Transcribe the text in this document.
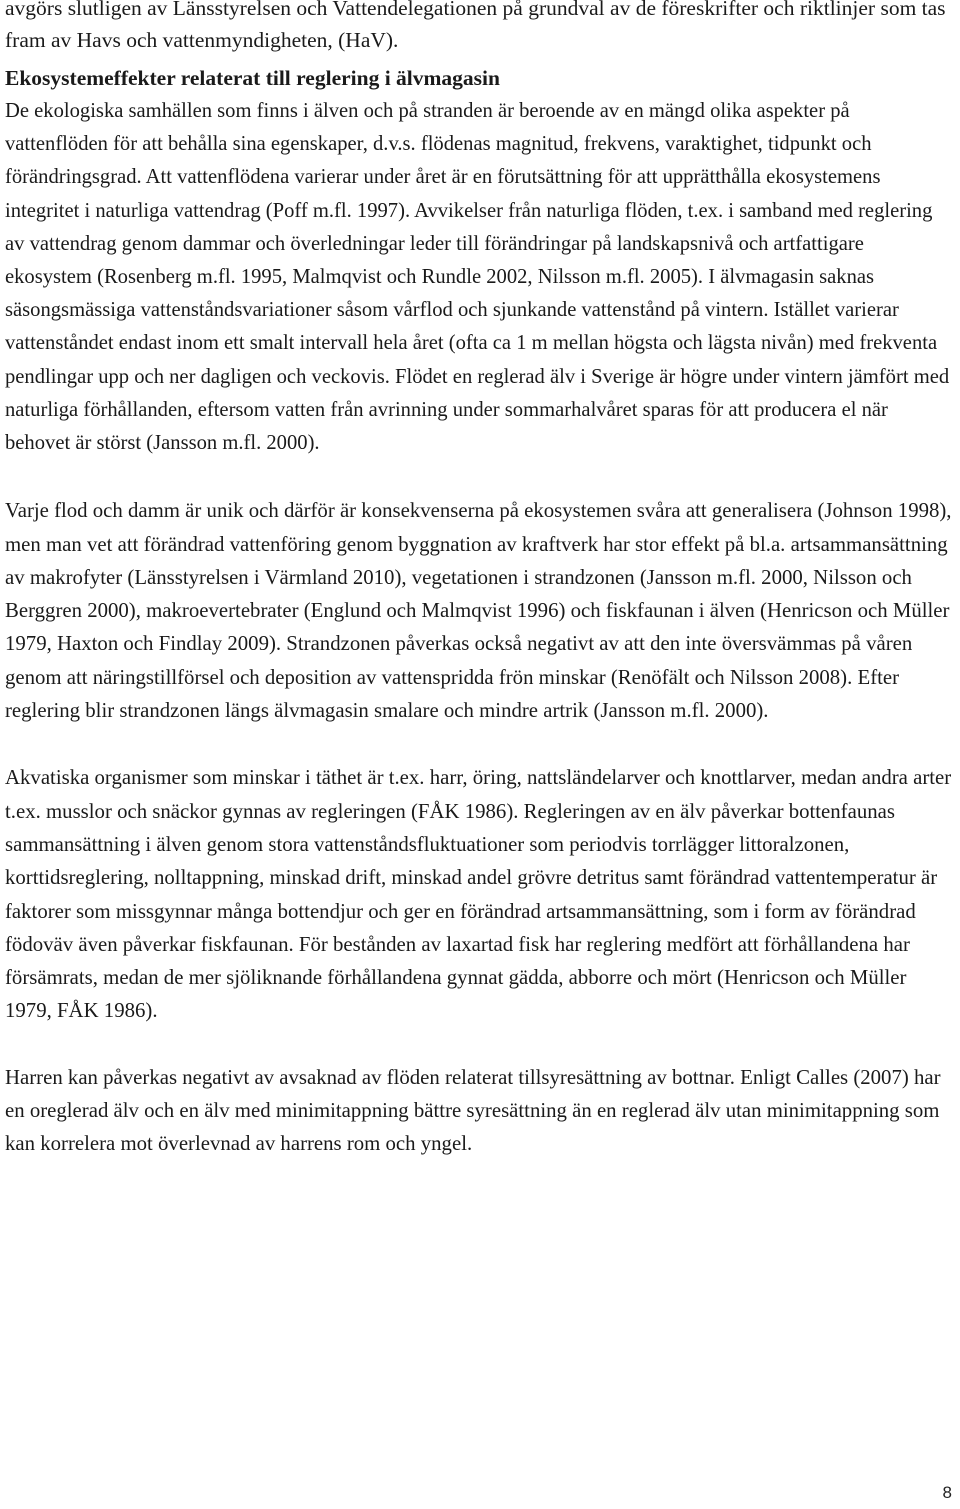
avgörs slutligen av Länsstyrelsen och Vattendelegationen på grundval av de föreskrifter och riktlinjer som tas fram av Havs och vattenmyndigheten, (HaV).

Ekosystemeffekter relaterat till reglering i älvmagasin

De ekologiska samhällen som finns i älven och på stranden är beroende av en mängd olika aspekter på vattenflöden för att behålla sina egenskaper, d.v.s. flödenas magnitud, frekvens, varaktighet, tidpunkt och förändringsgrad. Att vattenflödena varierar under året är en förutsättning för att upprätthålla ekosystemens integritet i naturliga vattendrag (Poff m.fl. 1997). Avvikelser från naturliga flöden, t.ex. i samband med reglering av vattendrag genom dammar och överledningar leder till förändringar på landskapsnivå och artfattigare ekosystem (Rosenberg m.fl. 1995, Malmqvist och Rundle 2002, Nilsson m.fl. 2005). I älvmagasin saknas säsongsmässiga vattenståndsvariationer såsom vårflod och sjunkande vattenstånd på vintern. Istället varierar vattenståndet endast inom ett smalt intervall hela året (ofta ca 1 m mellan högsta och lägsta nivån) med frekventa pendlingar upp och ner dagligen och veckovis. Flödet en reglerad älv i Sverige är högre under vintern jämfört med naturliga förhållanden, eftersom vatten från avrinning under sommarhalvåret sparas för att producera el när behovet är störst (Jansson m.fl. 2000).

Varje flod och damm är unik och därför är konsekvenserna på ekosystemen svåra att generalisera (Johnson 1998), men man vet att förändrad vattenföring genom byggnation av kraftverk har stor effekt på bl.a. artsammansättning av makrofyter (Länsstyrelsen i Värmland 2010), vegetationen i strandzonen (Jansson m.fl. 2000, Nilsson och Berggren 2000), makroevertebrater (Englund och Malmqvist 1996) och fiskfaunan i älven (Henricson och Müller 1979, Haxton och Findlay 2009). Strandzonen påverkas också negativt av att den inte översvämmas på våren genom att näringstillförsel och deposition av vattenspridda frön minskar (Renöfält och Nilsson 2008). Efter reglering blir strandzonen längs älvmagasin smalare och mindre artrik (Jansson m.fl. 2000).

Akvatiska organismer som minskar i täthet är t.ex. harr, öring, nattsländelarver och knottlarver, medan andra arter t.ex. musslor och snäckor gynnas av regleringen (FÅK 1986). Regleringen av en älv påverkar bottenfaunas sammansättning i älven genom stora vattenståndsfluktuationer som periodvis torrlägger littoralzonen, korttidsreglering, nolltappning, minskad drift, minskad andel grövre detritus samt förändrad vattentemperatur är faktorer som missgynnar många bottendjur och ger en förändrad artsammansättning, som i form av förändrad födoväv även påverkar fiskfaunan. För bestånden av laxartad fisk har reglering medfört att förhållandena har försämrats, medan de mer sjöliknande förhållandena gynnat gädda, abborre och mört (Henricson och Müller 1979, FÅK 1986).

Harren kan påverkas negativt av avsaknad av flöden relaterat tillsyresättning av bottnar. Enligt Calles (2007) har en oreglerad älv och en älv med minimitappning bättre syresättning än en reglerad älv utan minimitappning som kan korrelera mot överlevnad av harrens rom och yngel.

8
